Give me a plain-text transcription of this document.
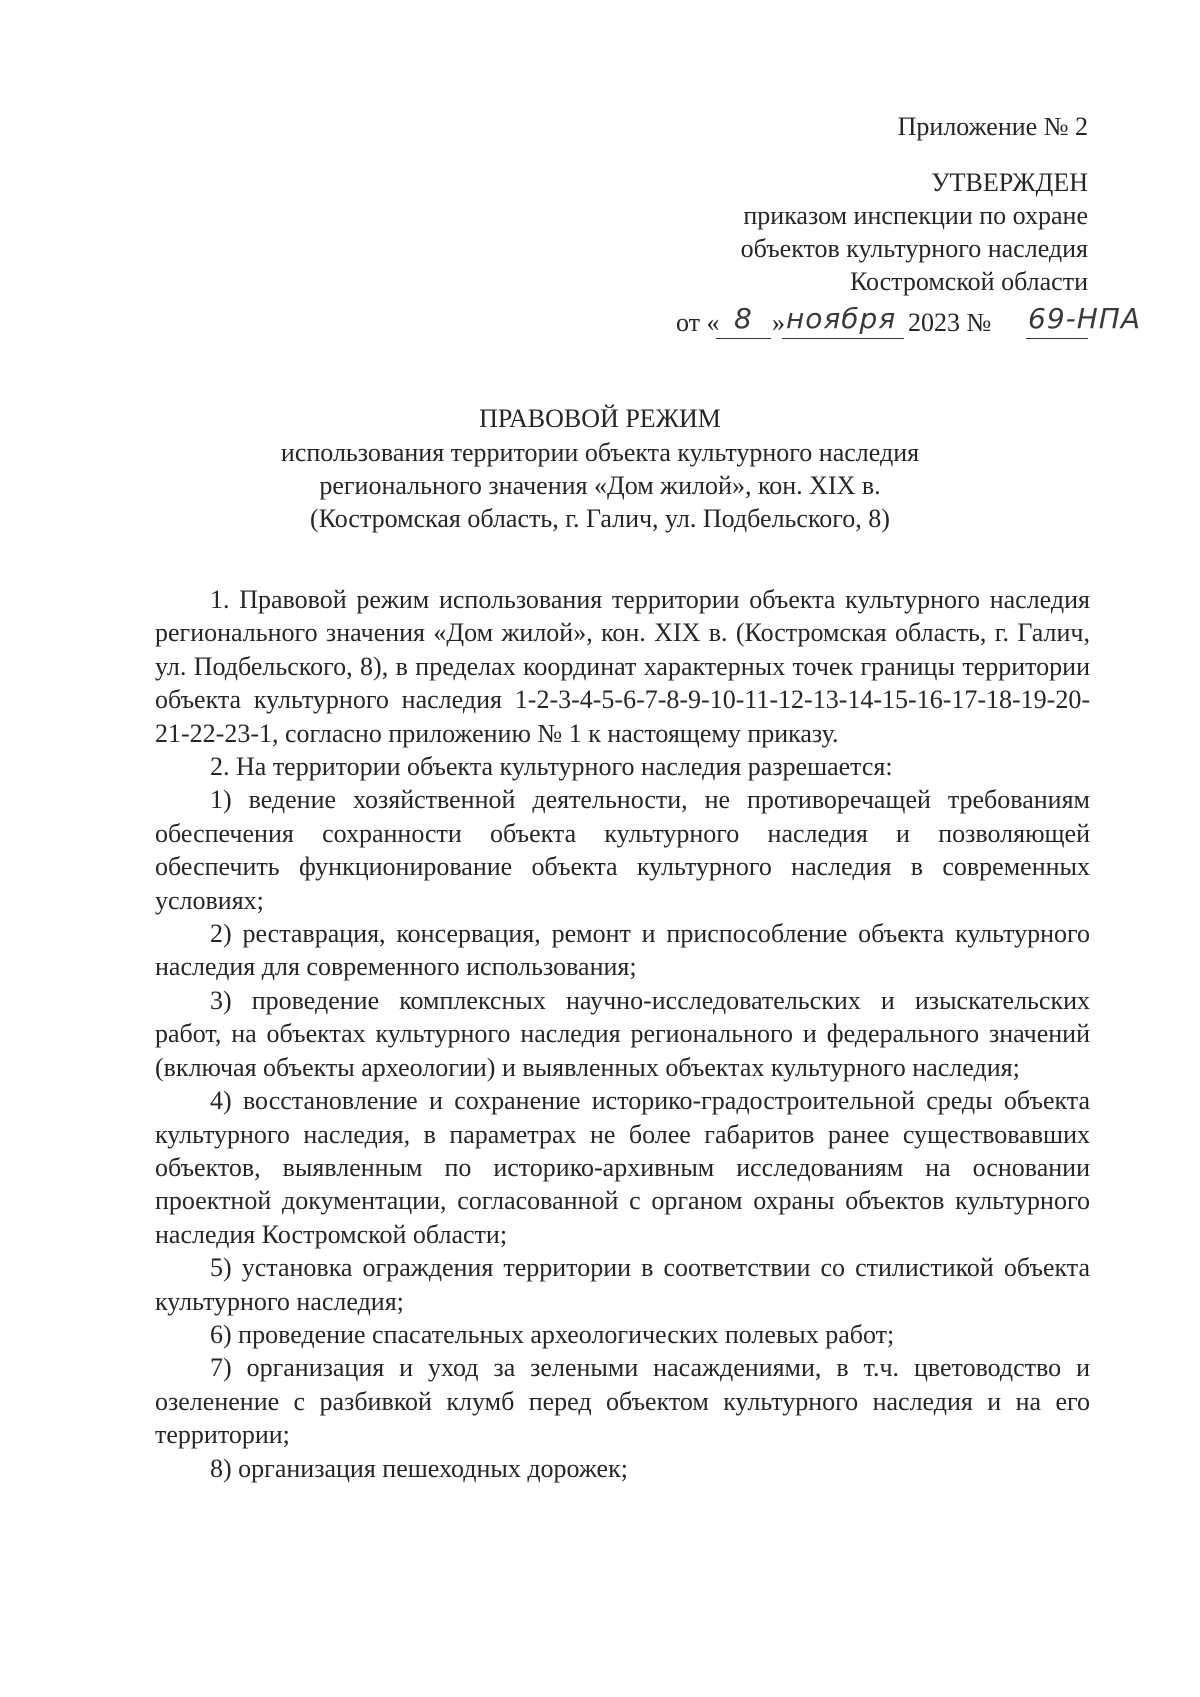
Приложение № 2
УТВЕРЖДЕН
приказом инспекции по охране
объектов культурного наследия
Костромской области
от « 8 » ноября 2023 № 69-НПА
ПРАВОВОЙ РЕЖИМ
использования территории объекта культурного наследия
регионального значения «Дом жилой», кон. XIX в.
(Костромская область, г. Галич, ул. Подбельского, 8)

1. Правовой режим использования территории объекта культурного наследия регионального значения «Дом жилой», кон. XIX в. (Костромская область, г. Галич, ул. Подбельского, 8), в пределах координат характерных точек границы территории объекта культурного наследия 1-2-3-4-5-6-7-8-9-10-11-12-13-14-15-16-17-18-19-20-21-22-23-1, согласно приложению № 1 к настоящему приказу.

2. На территории объекта культурного наследия разрешается:

1) ведение хозяйственной деятельности, не противоречащей требованиям обеспечения сохранности объекта культурного наследия и позволяющей обеспечить функционирование объекта культурного наследия в современных условиях;

2) реставрация, консервация, ремонт и приспособление объекта культурного наследия для современного использования;

3) проведение комплексных научно-исследовательских и изыскательских работ, на объектах культурного наследия регионального и федерального значений (включая объекты археологии) и выявленных объектах культурного наследия;

4) восстановление и сохранение историко-градостроительной среды объекта культурного наследия, в параметрах не более габаритов ранее существовавших объектов, выявленным по историко-архивным исследованиям на основании проектной документации, согласованной с органом охраны объектов культурного наследия Костромской области;

5) установка ограждения территории в соответствии со стилистикой объекта культурного наследия;

6) проведение спасательных археологических полевых работ;

7) организация и уход за зелеными насаждениями, в т.ч. цветоводство и озеленение с разбивкой клумб перед объектом культурного наследия и на его территории;

8) организация пешеходных дорожек;
